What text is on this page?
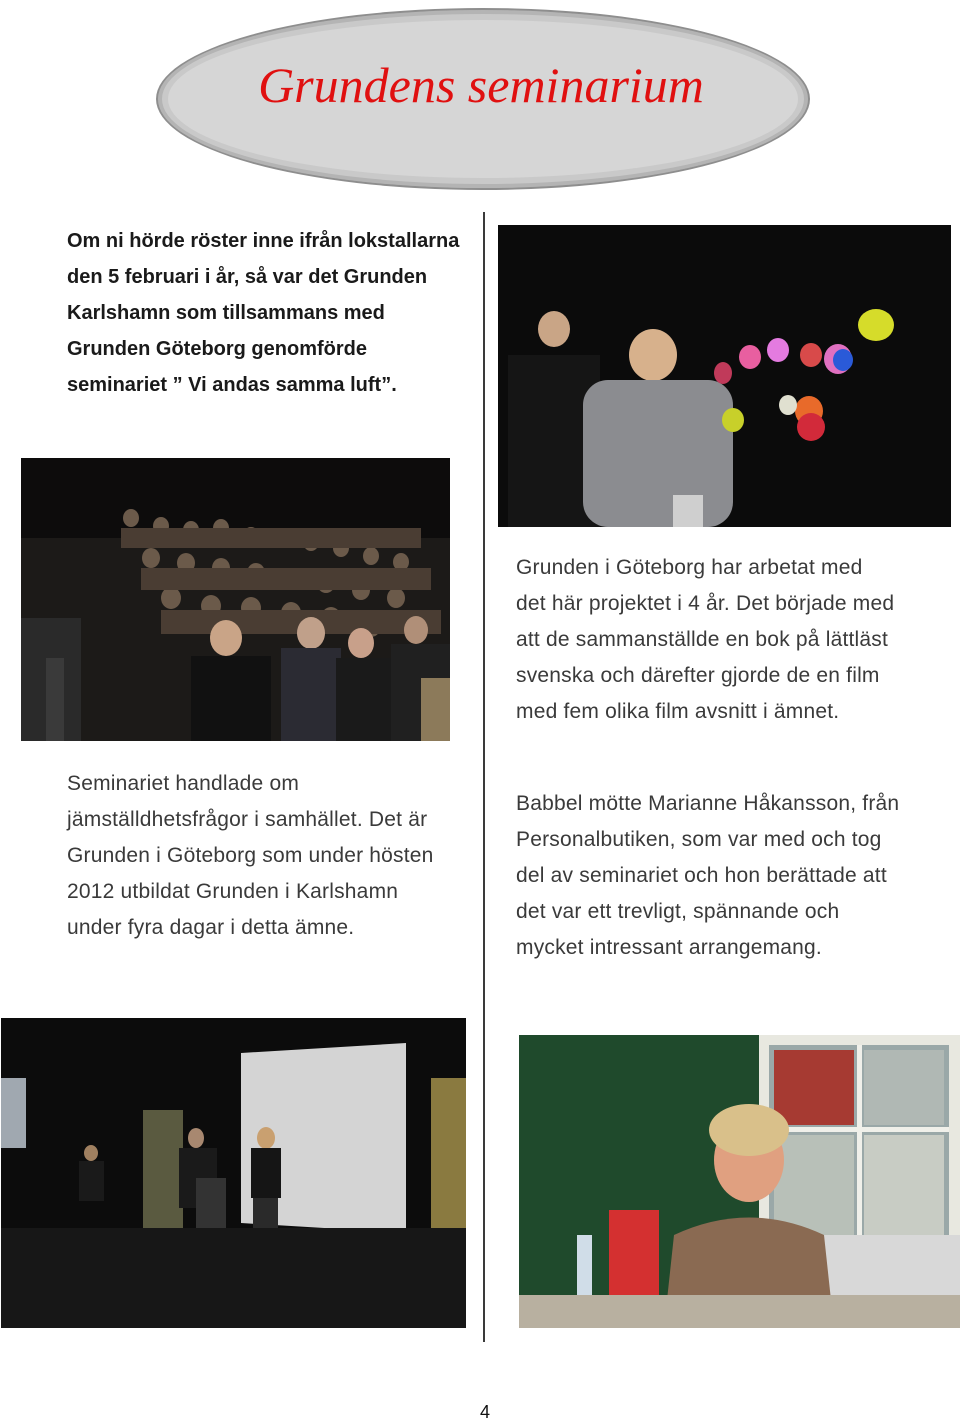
Grundens seminarium
Om ni hörde röster inne ifrån lokstallarna den 5 februari i år, så var det Grunden Karlshamn som tillsammans med Grunden Göteborg genomförde seminariet ” Vi andas samma luft”.
Seminariet handlade om jämställdhetsfrågor i samhället. Det är Grunden i Göteborg som under hösten 2012 utbildat Grunden i Karlshamn under fyra dagar i detta ämne.
Grunden i Göteborg har arbetat med det här projektet i 4 år. Det började med att de sammanställde en bok på lättläst svenska och därefter gjorde de en film med fem olika film avsnitt i ämnet.
Babbel mötte Marianne Håkansson, från Personalbutiken, som var med och tog del av seminariet och hon berättade att det var ett trevligt, spännande och mycket intressant arrangemang.
4
